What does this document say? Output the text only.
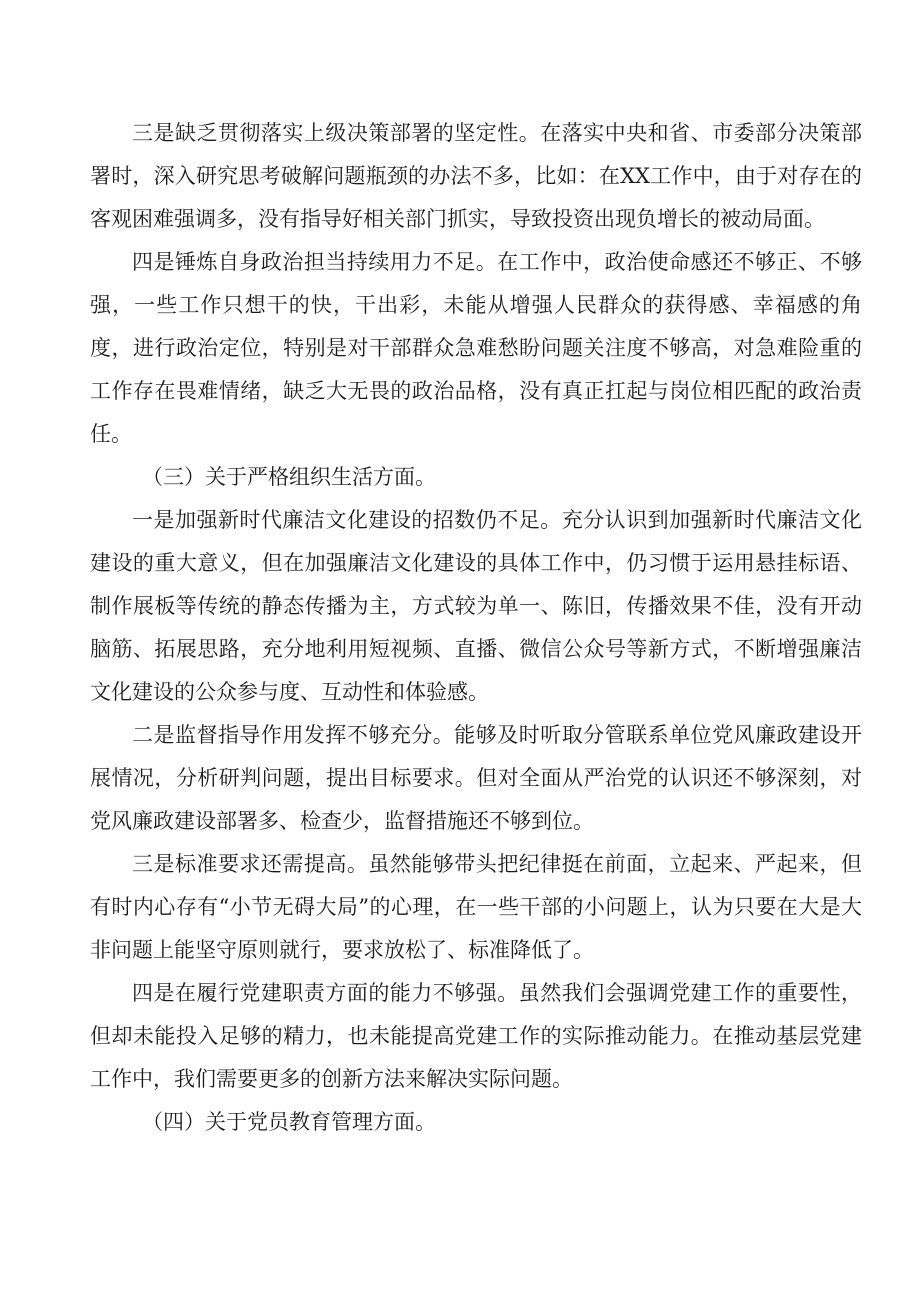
三是缺乏贯彻落实上级决策部署的坚定性。在落实中央和省、市委部分决策部署时，深入研究思考破解问题瓶颈的办法不多，比如：在XX工作中，由于对存在的客观困难强调多，没有指导好相关部门抓实，导致投资出现负增长的被动局面。

四是锤炼自身政治担当持续用力不足。在工作中，政治使命感还不够正、不够强，一些工作只想干的快，干出彩，未能从增强人民群众的获得感、幸福感的角度，进行政治定位，特别是对干部群众急难愁盼问题关注度不够高，对急难险重的工作存在畏难情绪，缺乏大无畏的政治品格，没有真正扛起与岗位相匹配的政治责任。

（三）关于严格组织生活方面。

一是加强新时代廉洁文化建设的招数仍不足。充分认识到加强新时代廉洁文化建设的重大意义，但在加强廉洁文化建设的具体工作中，仍习惯于运用悬挂标语、制作展板等传统的静态传播为主，方式较为单一、陈旧，传播效果不佳，没有开动脑筋、拓展思路，充分地利用短视频、直播、微信公众号等新方式，不断增强廉洁文化建设的公众参与度、互动性和体验感。

二是监督指导作用发挥不够充分。能够及时听取分管联系单位党风廉政建设开展情况，分析研判问题，提出目标要求。但对全面从严治党的认识还不够深刻，对党风廉政建设部署多、检查少，监督措施还不够到位。

三是标准要求还需提高。虽然能够带头把纪律挺在前面，立起来、严起来，但有时内心存有“小节无碍大局”的心理，在一些干部的小问题上，认为只要在大是大非问题上能坚守原则就行，要求放松了、标准降低了。

四是在履行党建职责方面的能力不够强。虽然我们会强调党建工作的重要性，但却未能投入足够的精力，也未能提高党建工作的实际推动能力。在推动基层党建工作中，我们需要更多的创新方法来解决实际问题。

（四）关于党员教育管理方面。
